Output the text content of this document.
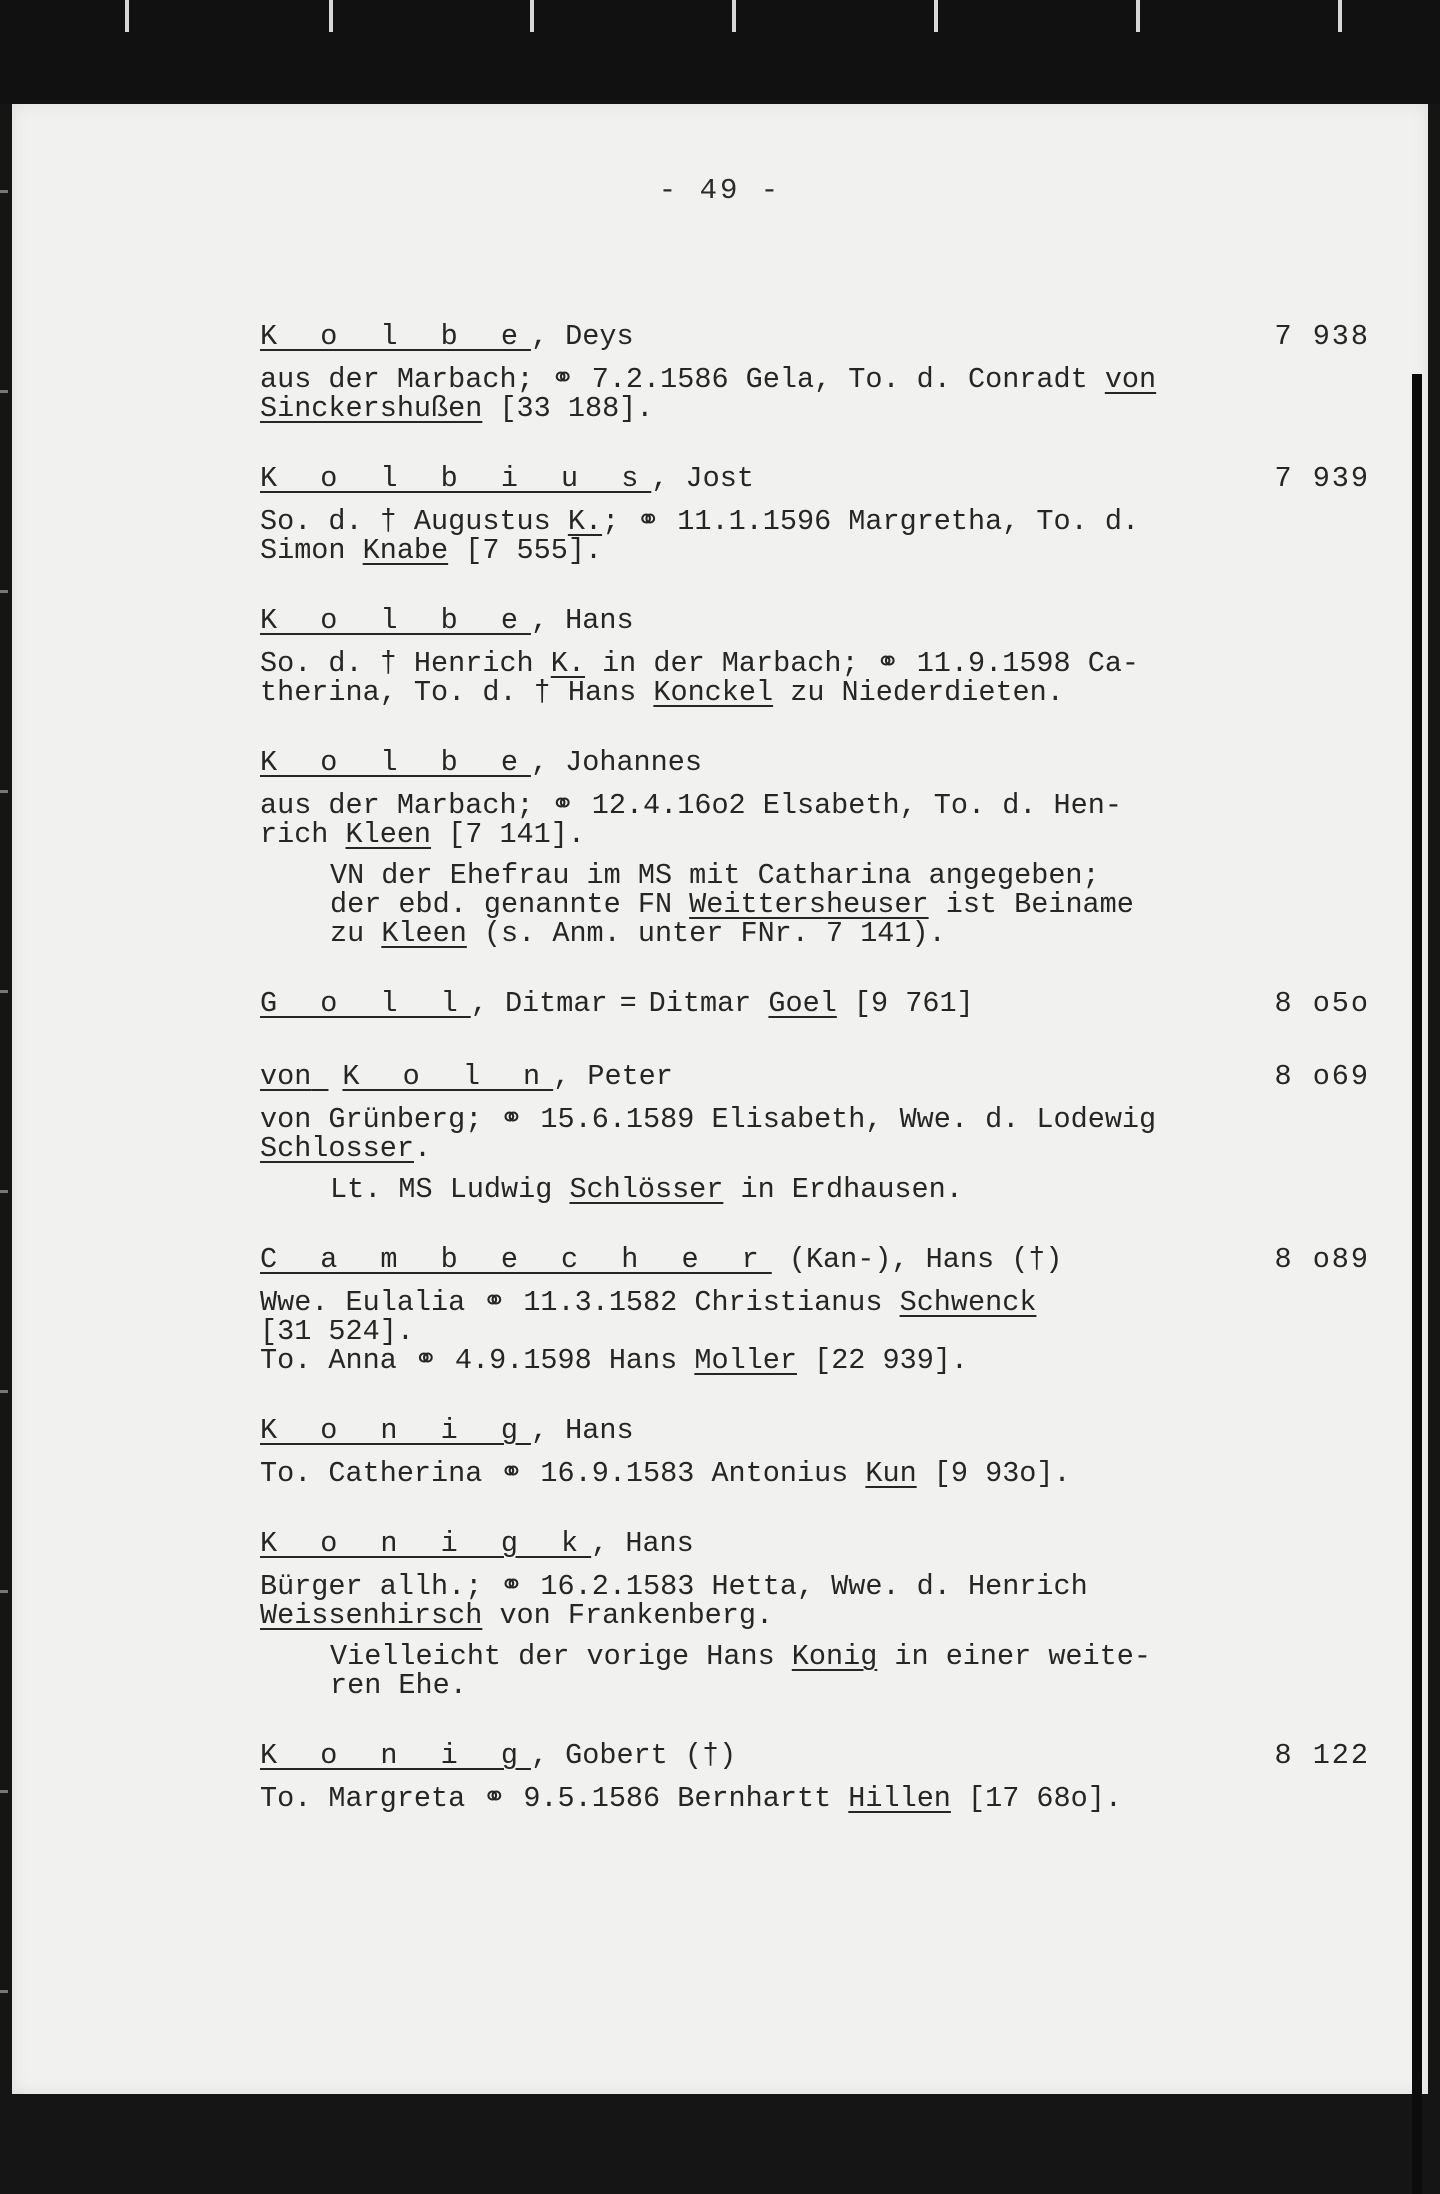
- 49 -
K o l b e, Deys	7 938
aus der Marbach; ⚭ 7.2.1586 Gela, To. d. Conradt von
Sinckershußen [33 188].
K o l b i u s, Jost	7 939
So. d. † Augustus K.; ⚭ 11.1.1596 Margretha, To. d.
Simon Knabe [7 555].
K o l b e, Hans
So. d. † Henrich K. in der Marbach; ⚭ 11.9.1598 Ca-
therina, To. d. † Hans Konckel zu Niederdieten.
K o l b e, Johannes
aus der Marbach; ⚭ 12.4.16o2 Elsabeth, To. d. Hen-
rich Kleen [7 141].
VN der Ehefrau im MS mit Catharina angegeben;
der ebd. genannte FN Weittersheuser ist Beiname
zu Kleen (s. Anm. unter FNr. 7 141).
G o l l, Ditmar = Ditmar Goel [9 761]	8 o5o
von K o l n, Peter	8 o69
von Grünberg; ⚭ 15.6.1589 Elisabeth, Wwe. d. Lodewig
Schlosser.
Lt. MS Ludwig Schlösser in Erdhausen.
C a m b e c h e r (Kan-), Hans (†)	8 o89
Wwe. Eulalia ⚭ 11.3.1582 Christianus Schwenck
[31 524].
To. Anna ⚭ 4.9.1598 Hans Moller [22 939].
K o n i g, Hans
To. Catherina ⚭ 16.9.1583 Antonius Kun [9 93o].
K o n i g k, Hans
Bürger allh.; ⚭ 16.2.1583 Hetta, Wwe. d. Henrich
Weissenhirsch von Frankenberg.
Vielleicht der vorige Hans Konig in einer weite-
ren Ehe.
K o n i g, Gobert (†)	8 122
To. Margreta ⚭ 9.5.1586 Bernhartt Hillen [17 68o].
